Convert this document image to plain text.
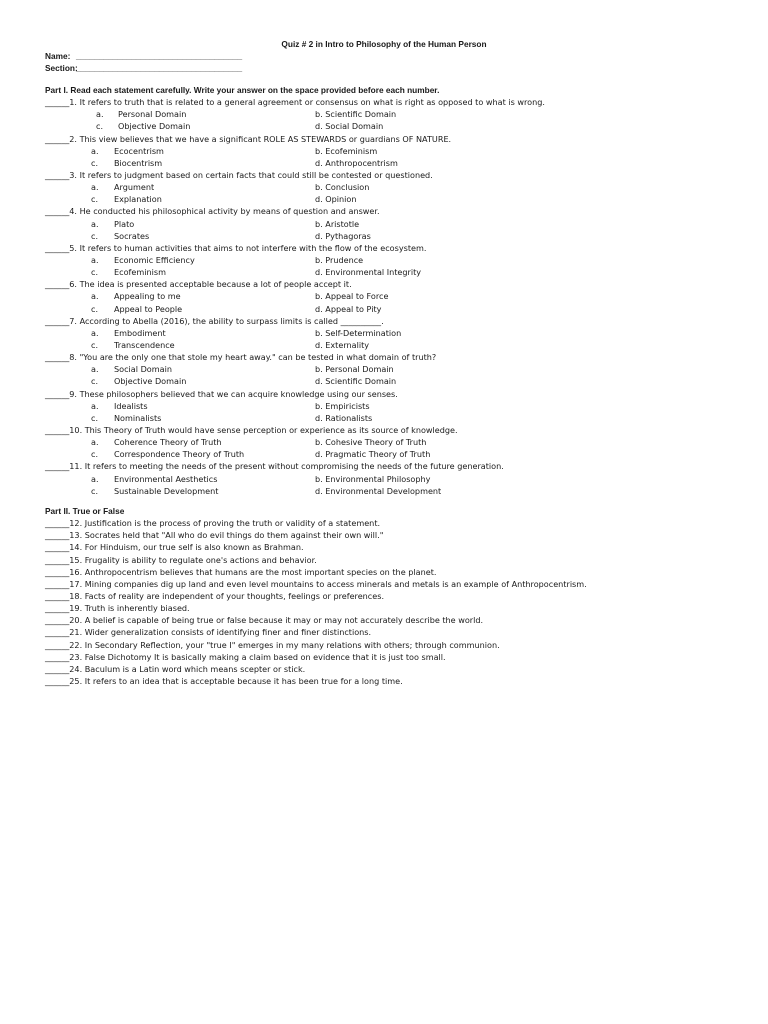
Quiz # 2 in Intro to Philosophy of the Human Person
Name: ____________________________________
Section:
____________________________________
Part I. Read each statement carefully. Write your answer on the space provided before each number.
______1. It refers to truth that is related to a general agreement or consensus on what is right as opposed to what is wrong.
a. Personal Domain	b. Scientific Domain
c. Objective Domain	d. Social Domain
______2. This view believes that we have a significant ROLE AS STEWARDS or guardians OF NATURE.
a. Ecocentrism	b. Ecofeminism
c. Biocentrism	d. Anthropocentrism
______3. It refers to judgment based on certain facts that could still be contested or questioned.
a. Argument	b. Conclusion
c. Explanation	d. Opinion
______4. He conducted his philosophical activity by means of question and answer.
a. Plato	b. Aristotle
c. Socrates	d. Pythagoras
______5. It refers to human activities that aims to not interfere with the flow of the ecosystem.
a. Economic Efficiency	b. Prudence
c. Ecofeminism	d. Environmental Integrity
______6. The idea is presented acceptable because a lot of people accept it.
a. Appealing to me	b. Appeal to Force
c. Appeal to People	d. Appeal to Pity
______7. According to Abella (2016), the ability to surpass limits is called __________.
a. Embodiment	b. Self-Determination
c. Transcendence	d. Externality
______8. "You are the only one that stole my heart away." can be tested in what domain of truth?
a. Social Domain	b. Personal Domain
c. Objective Domain	d. Scientific Domain
______9. These philosophers believed that we can acquire knowledge using our senses.
a. Idealists	b. Empiricists
c. Nominalists	d. Rationalists
______10. This Theory of Truth would have sense perception or experience as its source of knowledge.
a. Coherence Theory of Truth	b. Cohesive Theory of Truth
c. Correspondence Theory of Truth	d. Pragmatic Theory of Truth
______11. It refers to meeting the needs of the present without compromising the needs of the future generation.
a. Environmental Aesthetics	b. Environmental Philosophy
c. Sustainable Development	d. Environmental Development
Part II. True or False
______12. Justification is the process of proving the truth or validity of a statement.
______13. Socrates held that "All who do evil things do them against their own will."
______14. For Hinduism, our true self is also known as Brahman.
______15. Frugality is ability to regulate one's actions and behavior.
______16. Anthropocentrism believes that humans are the most important species on the planet.
______17. Mining companies dig up land and even level mountains to access minerals and metals is an example of Anthropocentrism.
______18. Facts of reality are independent of your thoughts, feelings or preferences.
______19. Truth is inherently biased.
______20. A belief is capable of being true or false because it may or may not accurately describe the world.
______21. Wider generalization consists of identifying finer and finer distinctions.
______22. In Secondary Reflection, your "true I" emerges in my many relations with others; through communion.
______23. False Dichotomy It is basically making a claim based on evidence that it is just too small.
______24. Baculum is a Latin word which means scepter or stick.
______25. It refers to an idea that is acceptable because it has been true for a long time.
